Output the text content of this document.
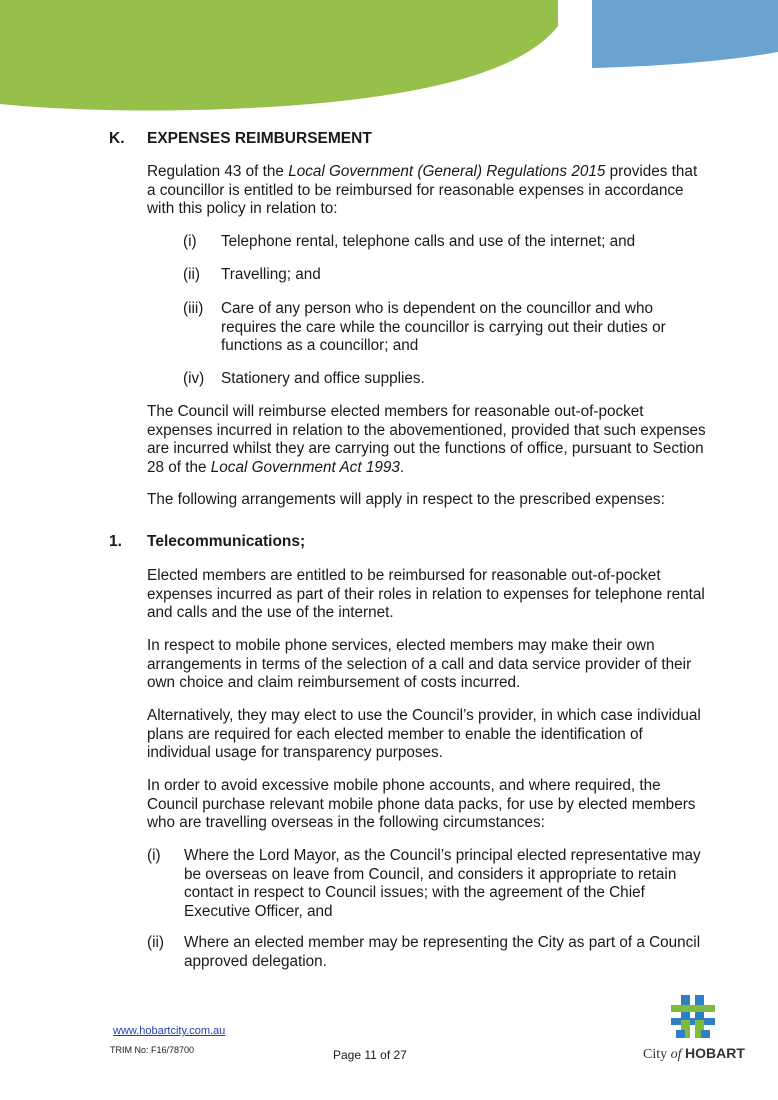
K. EXPENSES REIMBURSEMENT
Regulation 43 of the Local Government (General) Regulations 2015 provides that a councillor is entitled to be reimbursed for reasonable expenses in accordance with this policy in relation to:
(i) Telephone rental, telephone calls and use of the internet; and
(ii) Travelling; and
(iii) Care of any person who is dependent on the councillor and who requires the care while the councillor is carrying out their duties or functions as a councillor; and
(iv) Stationery and office supplies.
The Council will reimburse elected members for reasonable out-of-pocket expenses incurred in relation to the abovementioned, provided that such expenses are incurred whilst they are carrying out the functions of office, pursuant to Section 28 of the Local Government Act 1993.
The following arrangements will apply in respect to the prescribed expenses:
1. Telecommunications;
Elected members are entitled to be reimbursed for reasonable out-of-pocket expenses incurred as part of their roles in relation to expenses for telephone rental and calls and the use of the internet.
In respect to mobile phone services, elected members may make their own arrangements in terms of the selection of a call and data service provider of their own choice and claim reimbursement of costs incurred.
Alternatively, they may elect to use the Council’s provider, in which case individual plans are required for each elected member to enable the identification of individual usage for transparency purposes.
In order to avoid excessive mobile phone accounts, and where required, the Council purchase relevant mobile phone data packs, for use by elected members who are travelling overseas in the following circumstances:
(i) Where the Lord Mayor, as the Council’s principal elected representative may be overseas on leave from Council, and considers it appropriate to retain contact in respect to Council issues; with the agreement of the Chief Executive Officer, and
(ii) Where an elected member may be representing the City as part of a Council approved delegation.
www.hobartcity.com.au
TRIM No: F16/78700	Page 11 of 27	City of HOBART
